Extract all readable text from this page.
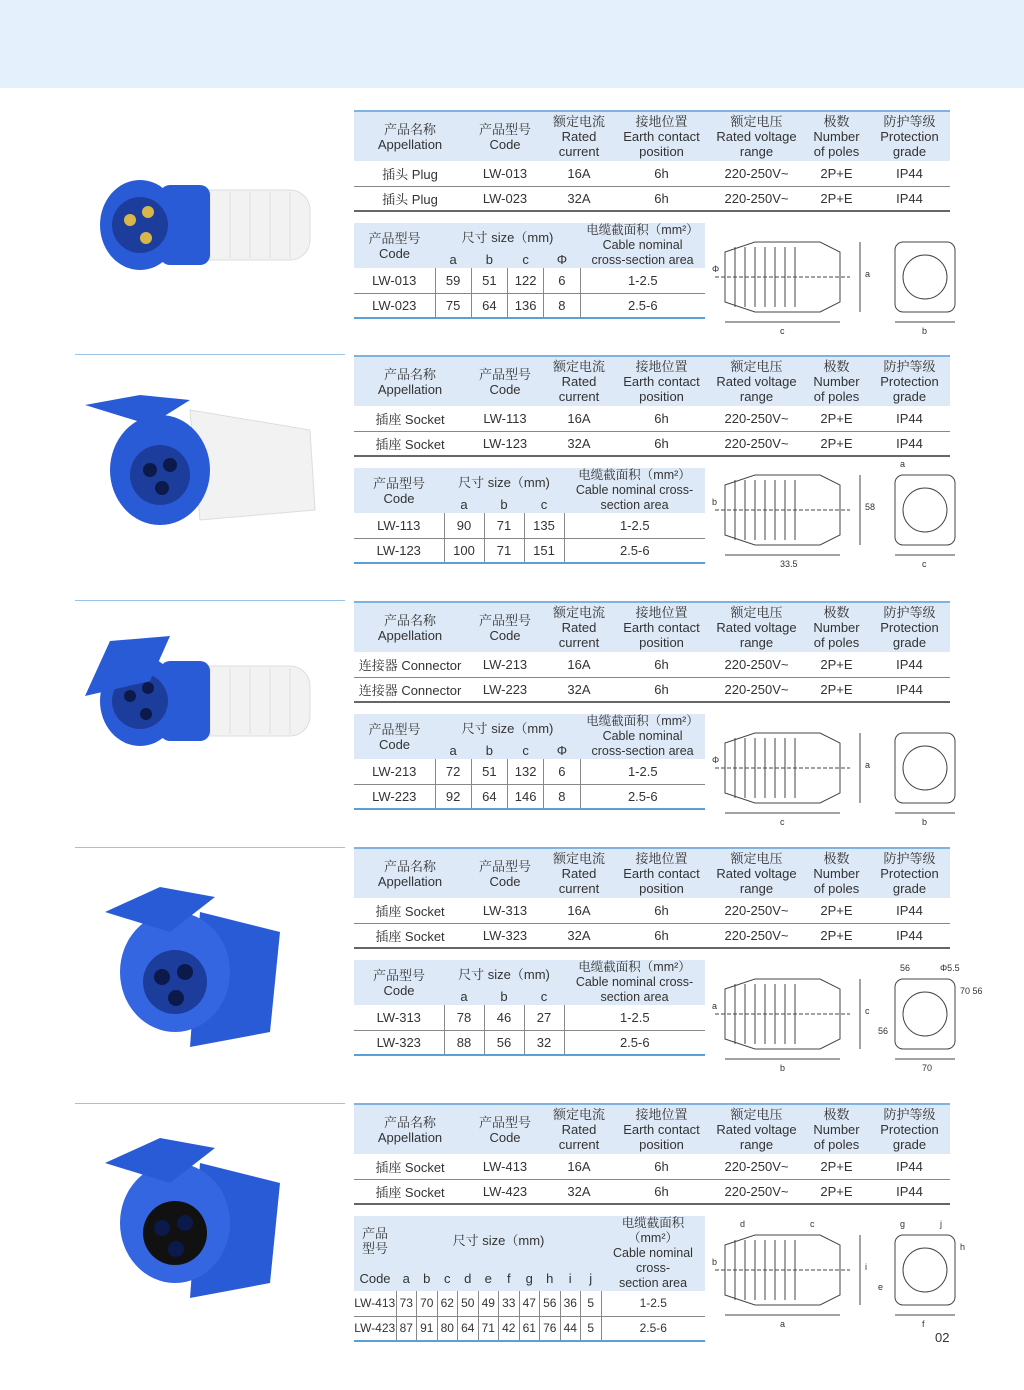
产品名称
Appellation	产品型号
Code	额定电流
Rated
current	接地位置
Earth contact
position	额定电压
Rated voltage
range	极数
Number
of poles	防护等级
Protection
grade
插头 Plug	LW-013	16A	6h	220-250V~	2P+E	IP44
插头 Plug	LW-023	32A	6h	220-250V~	2P+E	IP44
产品型号
Code	尺寸 size（mm)				电缆截面积（mm²）
Cable nominal
cross-section area
	a	b	c	Φ	
LW-013	59	51	122	6	1-2.5
LW-023	75	64	136	8	2.5-6
Φ	a
c	b
产品名称
Appellation	产品型号
Code	额定电流
Rated
current	接地位置
Earth contact
position	额定电压
Rated voltage
range	极数
Number
of poles	防护等级
Protection
grade
插座 Socket	LW-113	16A	6h	220-250V~	2P+E	IP44
插座 Socket	LW-123	32A	6h	220-250V~	2P+E	IP44
产品型号
Code	尺寸 size（mm)			电缆截面积（mm²）
Cable nominal cross-
section area
	a	b	c	
LW-113	90	71	135	1-2.5
LW-123	100	71	151	2.5-6
b	58
33.5	c
a
产品名称
Appellation	产品型号
Code	额定电流
Rated
current	接地位置
Earth contact
position	额定电压
Rated voltage
range	极数
Number
of poles	防护等级
Protection
grade
连接器 Connector	LW-213	16A	6h	220-250V~	2P+E	IP44
连接器 Connector	LW-223	32A	6h	220-250V~	2P+E	IP44
产品型号
Code	尺寸 size（mm)				电缆截面积（mm²）
Cable nominal
cross-section area
	a	b	c	Φ	
LW-213	72	51	132	6	1-2.5
LW-223	92	64	146	8	2.5-6
Φ	a
c	b
产品名称
Appellation	产品型号
Code	额定电流
Rated
current	接地位置
Earth contact
position	额定电压
Rated voltage
range	极数
Number
of poles	防护等级
Protection
grade
插座 Socket	LW-313	16A	6h	220-250V~	2P+E	IP44
插座 Socket	LW-323	32A	6h	220-250V~	2P+E	IP44
产品型号
Code	尺寸 size（mm)			电缆截面积（mm²）
Cable nominal cross-
section area
	a	b	c	
LW-313	78	46	27	1-2.5
LW-323	88	56	32	2.5-6
a	c
b	70
56	Φ5.5
56
70 56
产品名称
Appellation	产品型号
Code	额定电流
Rated
current	接地位置
Earth contact
position	额定电压
Rated voltage
range	极数
Number
of poles	防护等级
Protection
grade
插座 Socket	LW-413	16A	6h	220-250V~	2P+E	IP44
插座 Socket	LW-423	32A	6h	220-250V~	2P+E	IP44
产品
型号	尺寸 size（mm)										电缆截面积（mm²）
Cable nominal cross-
section area
Code	a	b	c	d	e	f	g	h	i	j	
LW-413	73	70	62	50	49	33	47	56	36	5	1-2.5
LW-423	87	91	80	64	71	42	61	76	44	5	2.5-6
b	i
a	f
g	j
e
h
d	c
02
